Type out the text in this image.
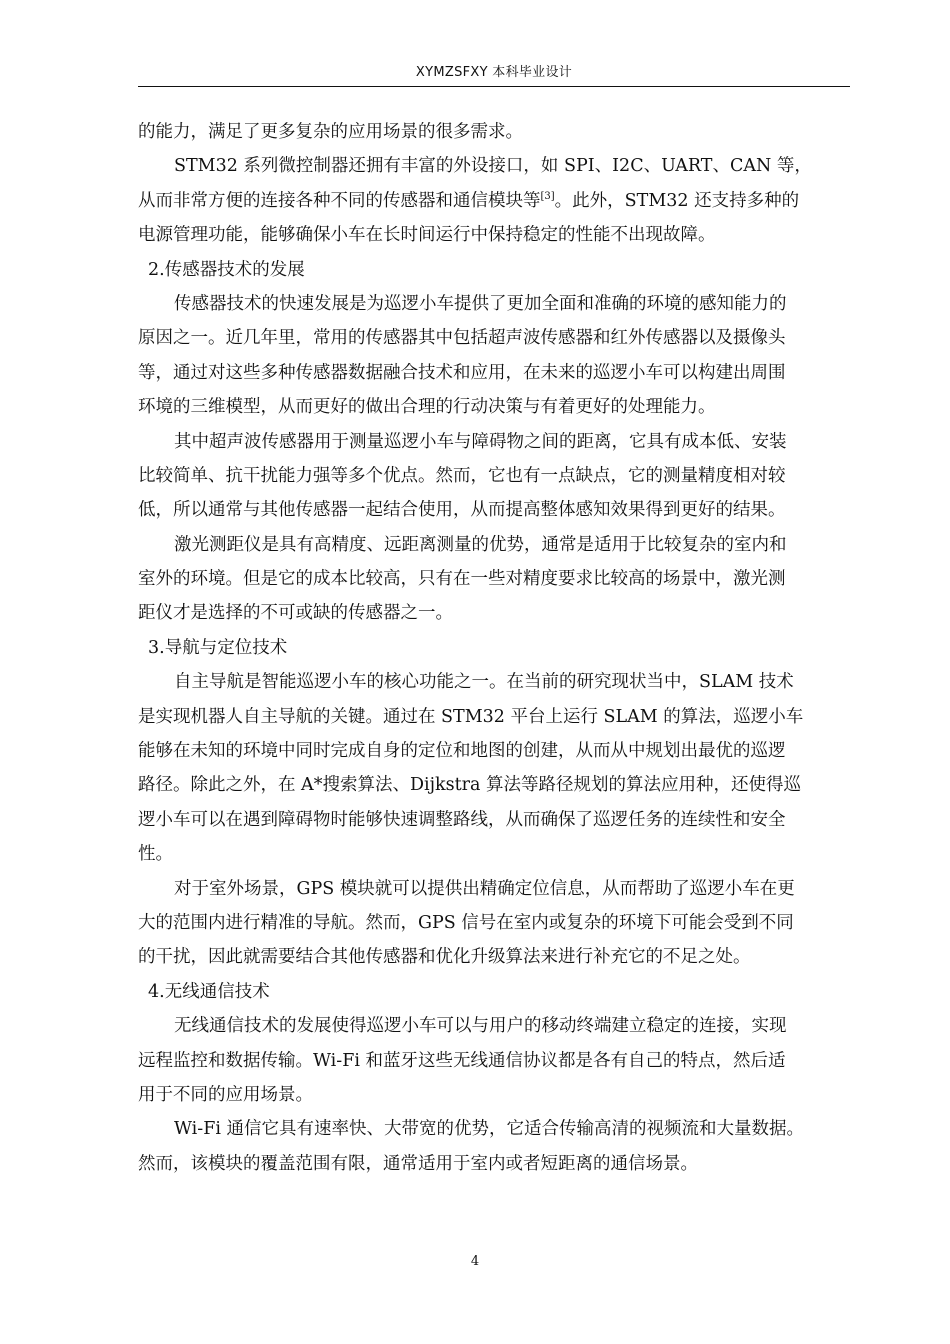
XYMZSFXY 本科毕业设计
的能力，满足了更多复杂的应用场景的很多需求。
STM32 系列微控制器还拥有丰富的外设接口，如 SPI、I2C、UART、CAN 等，
从而非常方便的连接各种不同的传感器和通信模块等[3]。此外，STM32 还支持多种的
电源管理功能，能够确保小车在长时间运行中保持稳定的性能不出现故障。
2.传感器技术的发展
传感器技术的快速发展是为巡逻小车提供了更加全面和准确的环境的感知能力的
原因之一。近几年里，常用的传感器其中包括超声波传感器和红外传感器以及摄像头
等，通过对这些多种传感器数据融合技术和应用，在未来的巡逻小车可以构建出周围
环境的三维模型，从而更好的做出合理的行动决策与有着更好的处理能力。
其中超声波传感器用于测量巡逻小车与障碍物之间的距离，它具有成本低、安装
比较简单、抗干扰能力强等多个优点。然而，它也有一点缺点，它的测量精度相对较
低，所以通常与其他传感器一起结合使用，从而提高整体感知效果得到更好的结果。
激光测距仪是具有高精度、远距离测量的优势，通常是适用于比较复杂的室内和
室外的环境。但是它的成本比较高，只有在一些对精度要求比较高的场景中，激光测
距仪才是选择的不可或缺的传感器之一。
3.导航与定位技术
自主导航是智能巡逻小车的核心功能之一。在当前的研究现状当中，SLAM 技术
是实现机器人自主导航的关键。通过在 STM32 平台上运行 SLAM 的算法，巡逻小车
能够在未知的环境中同时完成自身的定位和地图的创建，从而从中规划出最优的巡逻
路径。除此之外，在 A*搜索算法、Dijkstra 算法等路径规划的算法应用种，还使得巡
逻小车可以在遇到障碍物时能够快速调整路线，从而确保了巡逻任务的连续性和安全
性。
对于室外场景，GPS 模块就可以提供出精确定位信息，从而帮助了巡逻小车在更
大的范围内进行精准的导航。然而，GPS 信号在室内或复杂的环境下可能会受到不同
的干扰，因此就需要结合其他传感器和优化升级算法来进行补充它的不足之处。
4.无线通信技术
无线通信技术的发展使得巡逻小车可以与用户的移动终端建立稳定的连接，实现
远程监控和数据传输。Wi-Fi 和蓝牙这些无线通信协议都是各有自己的特点，然后适
用于不同的应用场景。
Wi-Fi 通信它具有速率快、大带宽的优势，它适合传输高清的视频流和大量数据。
然而，该模块的覆盖范围有限，通常适用于室内或者短距离的通信场景。
4
